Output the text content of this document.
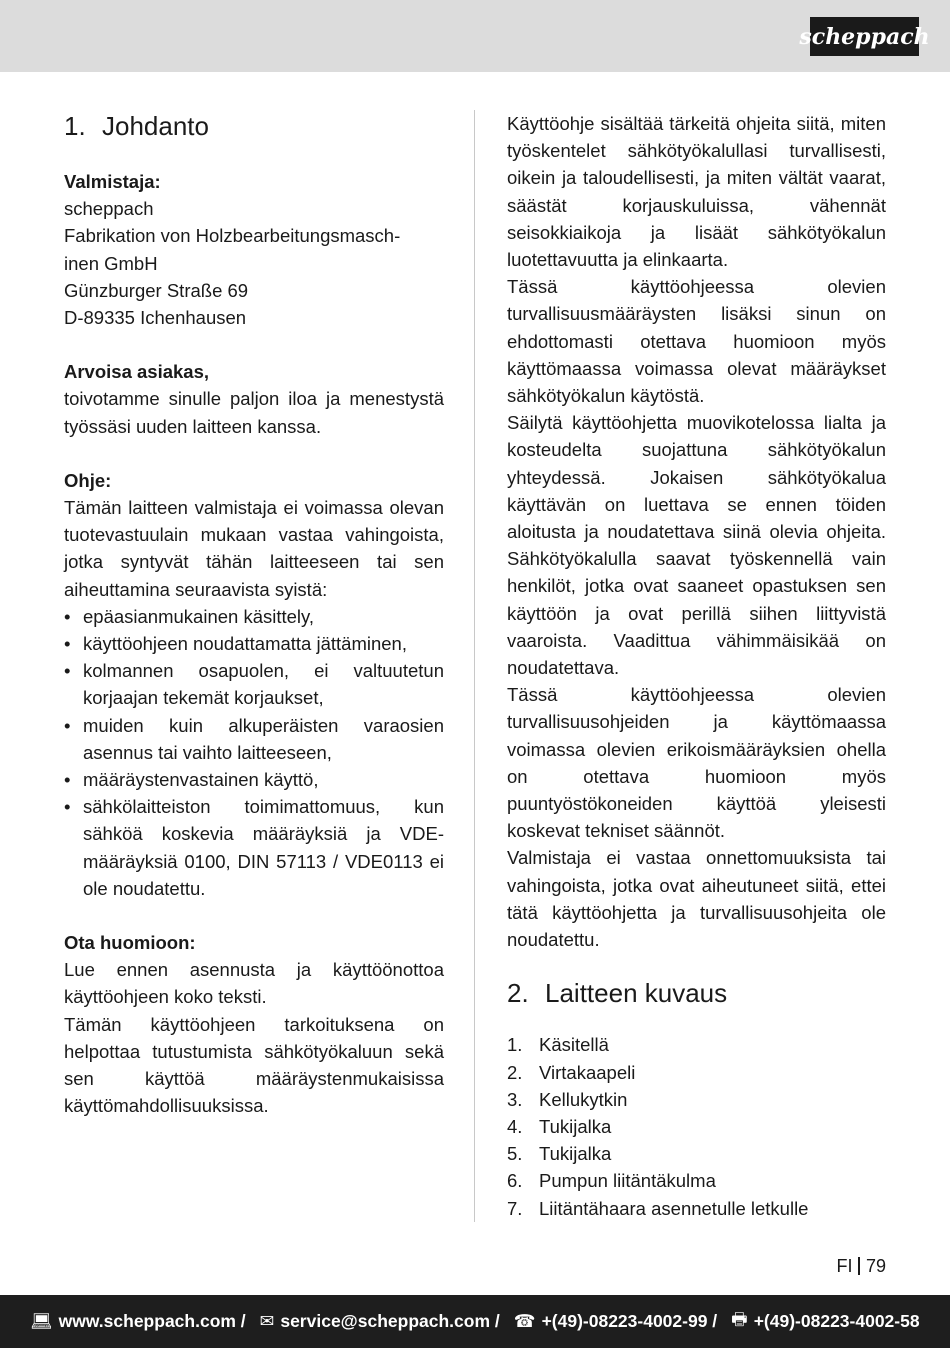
scheppach
1. Johdanto
Valmistaja:
scheppach
Fabrikation von Holzbearbeitungsmasch-
inen GmbH
Günzburger Straße 69
D-89335 Ichenhausen
Arvoisa asiakas,

toivotamme sinulle paljon iloa ja menestystä työssäsi uuden laitteen kanssa.

Ohje:

Tämän laitteen valmistaja ei voimassa olevan tuotevastuulain mukaan vastaa vahingoista, jotka syntyvät tähän laitteeseen tai sen aiheuttamina seuraavista syistä:

• epäasianmukainen käsittely,
• käyttöohjeen noudattamatta jättäminen,
• kolmannen osapuolen, ei valtuutetun korjaajan tekemät korjaukset,
• muiden kuin alkuperäisten varaosien asennus tai vaihto laitteeseen,
• määräystenvastainen käyttö,
• sähkölaitteiston toimimattomuus, kun sähköä koskevia määräyksiä ja VDE-määräyksiä 0100, DIN 57113 / VDE0113 ei ole noudatettu.
Ota huomioon:

Lue ennen asennusta ja käyttöönottoa käyttöohjeen koko teksti.

Tämän käyttöohjeen tarkoituksena on helpottaa tutustumista sähkötyökaluun sekä sen käyttöä määräystenmukaisissa käyttömahdollisuuksissa.

Käyttöohje sisältää tärkeitä ohjeita siitä, miten työskentelet sähkötyökalullasi turvallisesti, oikein ja taloudellisesti, ja miten vältät vaarat, säästät korjauskuluissa, vähennät seisokkiaikoja ja lisäät sähkötyökalun luotettavuutta ja elinkaarta.

Tässä käyttöohjeessa olevien turvallisuusmääräysten lisäksi sinun on ehdottomasti otettava huomioon myös käyttömaassa voimassa olevat määräykset sähkötyökalun käytöstä.

Säilytä käyttöohjetta muovikotelossa lialta ja kosteudelta suojattuna sähkötyökalun yhteydessä. Jokaisen sähkötyökalua käyttävän on luettava se ennen töiden aloitusta ja noudatettava siinä olevia ohjeita. Sähkötyökalulla saavat työskennellä vain henkilöt, jotka ovat saaneet opastuksen sen käyttöön ja ovat perillä siihen liittyvistä vaaroista. Vaadittua vähimmäisikää on noudatettava.

Tässä käyttöohjeessa olevien turvallisuusohjeiden ja käyttömaassa voimassa olevien erikoismääräyksien ohella on otettava huomioon myös puuntyöstökoneiden käyttöä yleisesti koskevat tekniset säännöt.

Valmistaja ei vastaa onnettomuuksista tai vahingoista, jotka ovat aiheutuneet siitä, ettei tätä käyttöohjetta ja turvallisuusohjeita ole noudatettu.

2. Laitteen kuvaus
1. Käsitellä
2. Virtakaapeli
3. Kellukytkin
4. Tukijalka
5. Tukijalka
6. Pumpun liitäntäkulma
7. Liitäntähaara asennetulle letkulle
FI 79
💻︎ www.scheppach.com / ✉︎ service@scheppach.com / ☎︎ +(49)-08223-4002-99 / 🖶︎ +(49)-08223-4002-58
